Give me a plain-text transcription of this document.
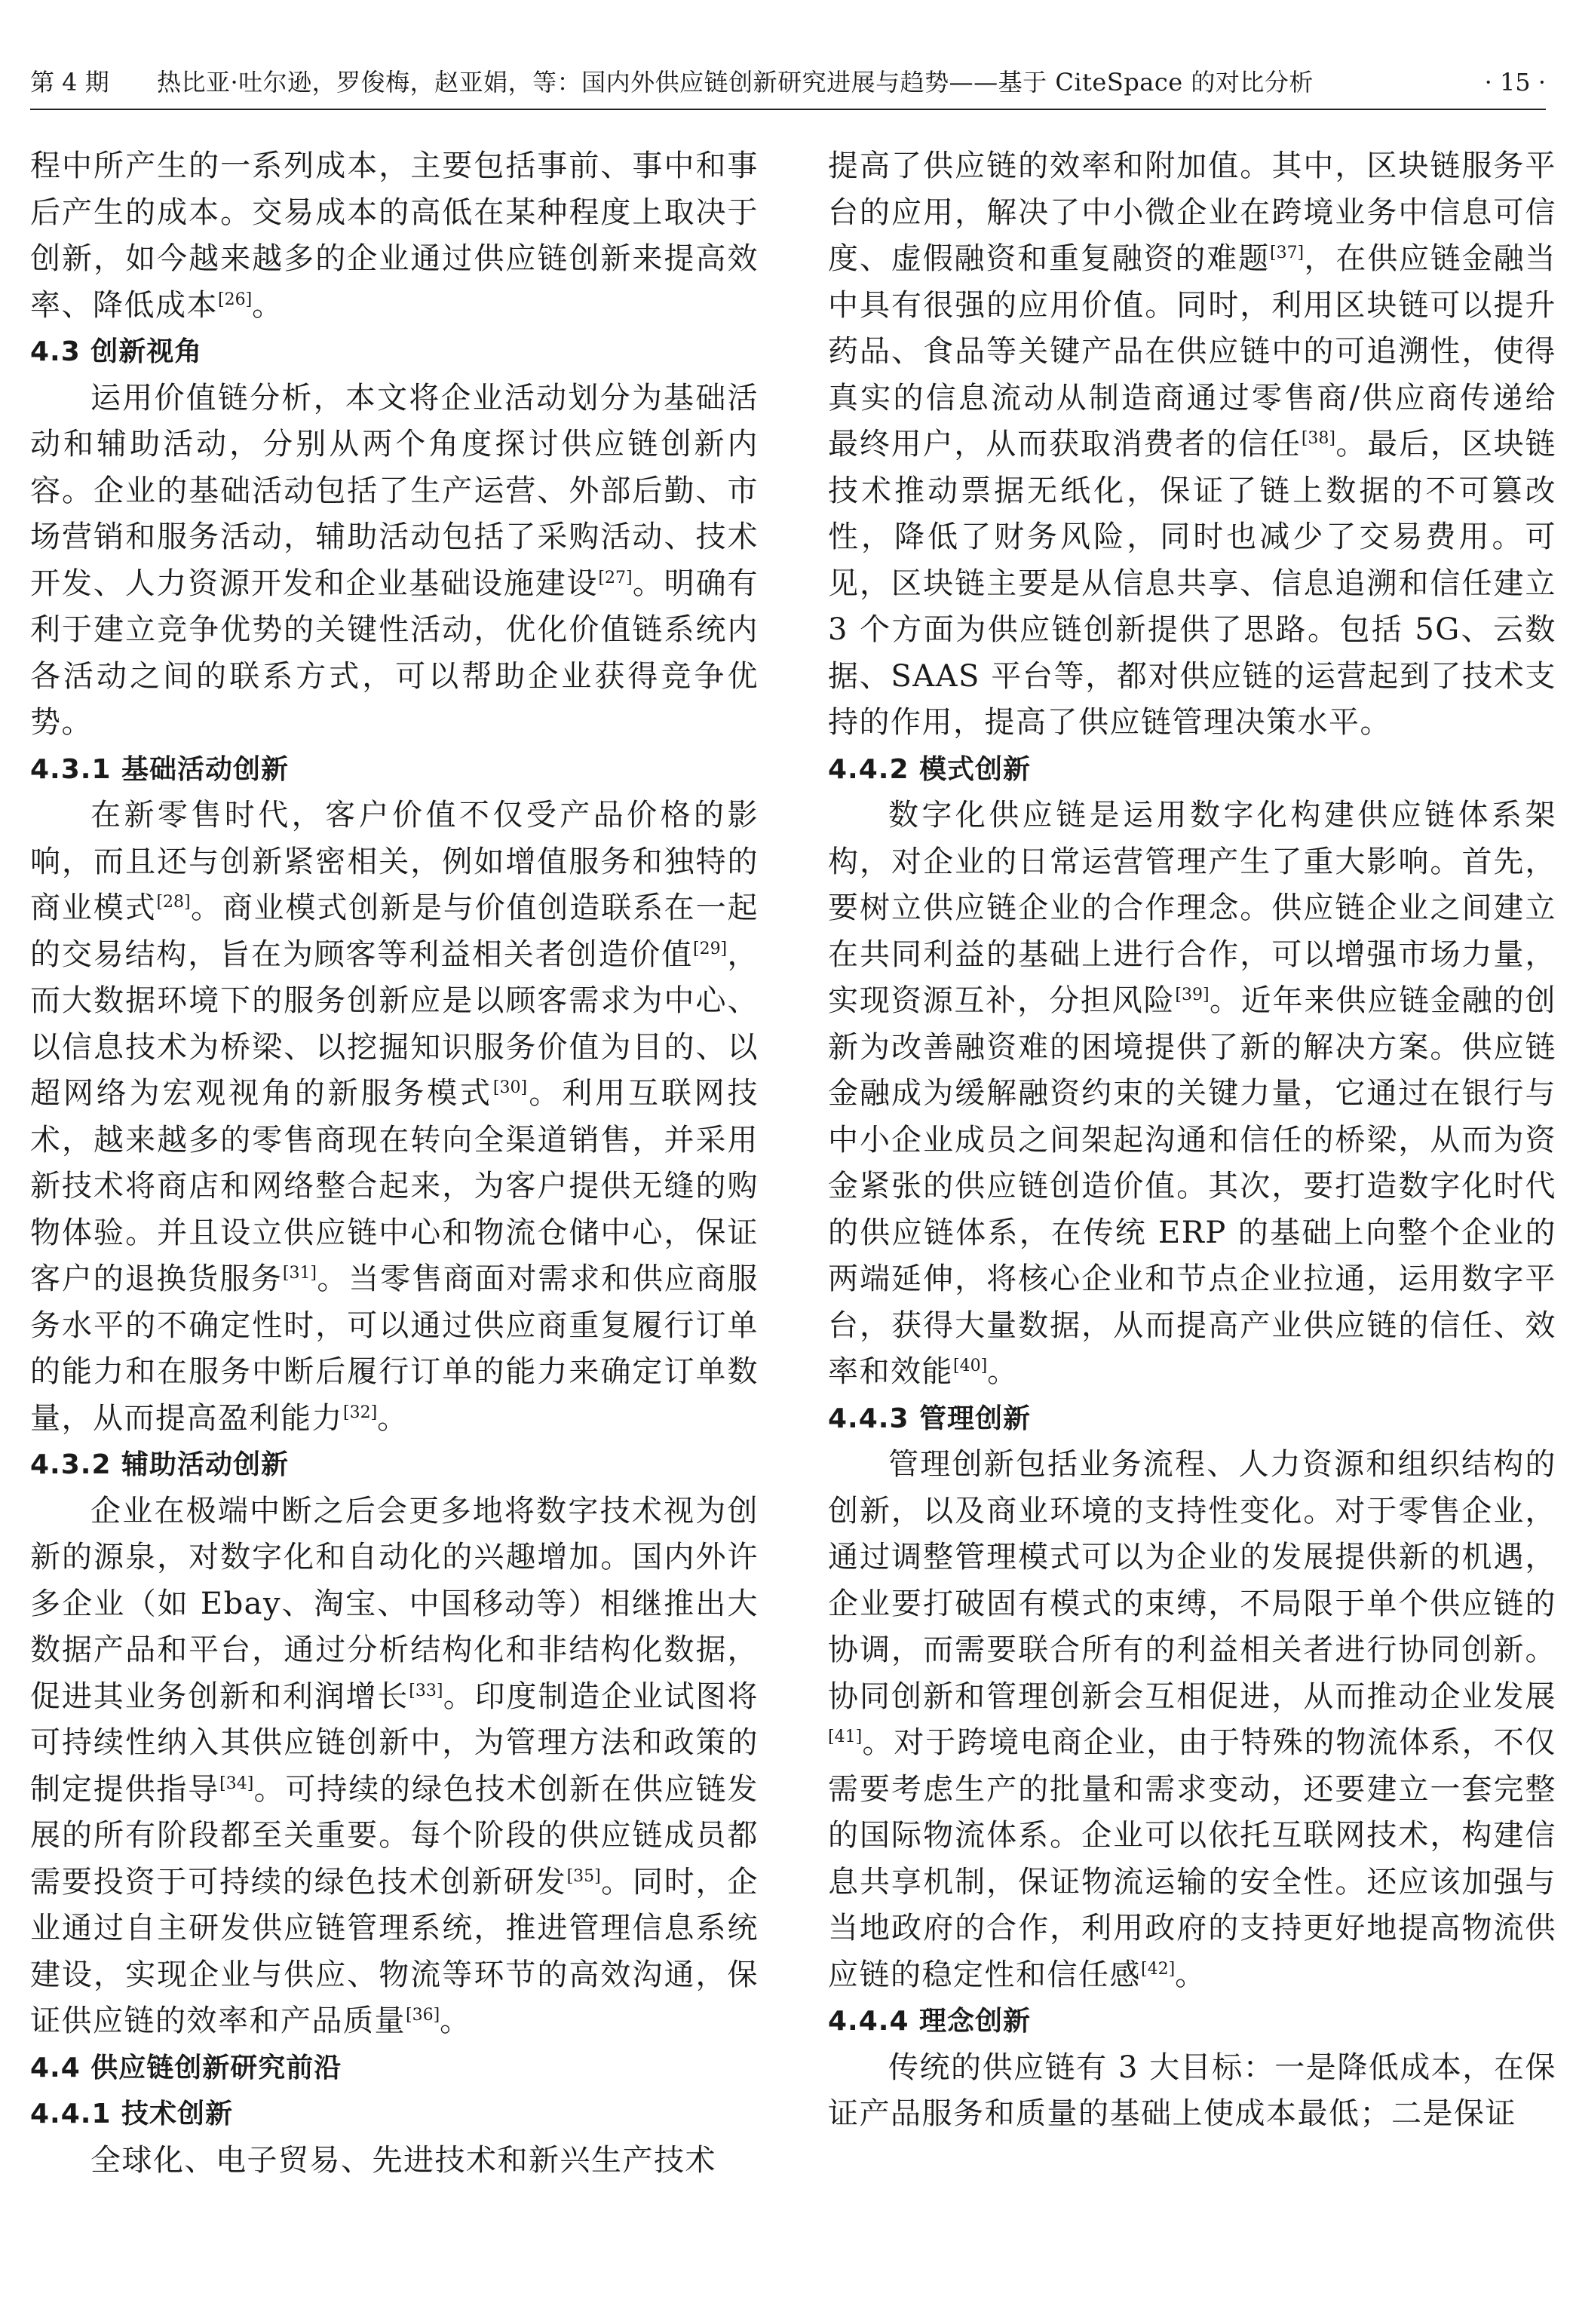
第 4 期 热比亚·吐尔逊，罗俊梅，赵亚娟，等：国内外供应链创新研究进展与趋势——基于 CiteSpace 的对比分析	· 15 ·

程中所产生的一系列成本，主要包括事前、事中和事后产生的成本。交易成本的高低在某种程度上取决于创新，如今越来越多的企业通过供应链创新来提高效率、降低成本[26]。

4.3 创新视角

运用价值链分析，本文将企业活动划分为基础活动和辅助活动，分别从两个角度探讨供应链创新内容。企业的基础活动包括了生产运营、外部后勤、市场营销和服务活动，辅助活动包括了采购活动、技术开发、人力资源开发和企业基础设施建设[27]。明确有利于建立竞争优势的关键性活动，优化价值链系统内各活动之间的联系方式，可以帮助企业获得竞争优势。

4.3.1 基础活动创新

在新零售时代，客户价值不仅受产品价格的影响，而且还与创新紧密相关，例如增值服务和独特的商业模式[28]。商业模式创新是与价值创造联系在一起的交易结构，旨在为顾客等利益相关者创造价值[29]，而大数据环境下的服务创新应是以顾客需求为中心、以信息技术为桥梁、以挖掘知识服务价值为目的、以超网络为宏观视角的新服务模式[30]。利用互联网技术，越来越多的零售商现在转向全渠道销售，并采用新技术将商店和网络整合起来，为客户提供无缝的购物体验。并且设立供应链中心和物流仓储中心，保证客户的退换货服务[31]。当零售商面对需求和供应商服务水平的不确定性时，可以通过供应商重复履行订单的能力和在服务中断后履行订单的能力来确定订单数量，从而提高盈利能力[32]。

4.3.2 辅助活动创新

企业在极端中断之后会更多地将数字技术视为创新的源泉，对数字化和自动化的兴趣增加。国内外许多企业（如 Ebay、淘宝、中国移动等）相继推出大数据产品和平台，通过分析结构化和非结构化数据，促进其业务创新和利润增长[33]。印度制造企业试图将可持续性纳入其供应链创新中，为管理方法和政策的制定提供指导[34]。可持续的绿色技术创新在供应链发展的所有阶段都至关重要。每个阶段的供应链成员都需要投资于可持续的绿色技术创新研发[35]。同时，企业通过自主研发供应链管理系统，推进管理信息系统建设，实现企业与供应、物流等环节的高效沟通，保证供应链的效率和产品质量[36]。

4.4 供应链创新研究前沿
4.4.1 技术创新

全球化、电子贸易、先进技术和新兴生产技术

提高了供应链的效率和附加值。其中，区块链服务平台的应用，解决了中小微企业在跨境业务中信息可信度、虚假融资和重复融资的难题[37]，在供应链金融当中具有很强的应用价值。同时，利用区块链可以提升药品、食品等关键产品在供应链中的可追溯性，使得真实的信息流动从制造商通过零售商/供应商传递给最终用户，从而获取消费者的信任[38]。最后，区块链技术推动票据无纸化，保证了链上数据的不可篡改性，降低了财务风险，同时也减少了交易费用。可见，区块链主要是从信息共享、信息追溯和信任建立 3 个方面为供应链创新提供了思路。包括 5G、云数据、SAAS 平台等，都对供应链的运营起到了技术支持的作用，提高了供应链管理决策水平。

4.4.2 模式创新

数字化供应链是运用数字化构建供应链体系架构，对企业的日常运营管理产生了重大影响。首先，要树立供应链企业的合作理念。供应链企业之间建立在共同利益的基础上进行合作，可以增强市场力量，实现资源互补，分担风险[39]。近年来供应链金融的创新为改善融资难的困境提供了新的解决方案。供应链金融成为缓解融资约束的关键力量，它通过在银行与中小企业成员之间架起沟通和信任的桥梁，从而为资金紧张的供应链创造价值。其次，要打造数字化时代的供应链体系，在传统 ERP 的基础上向整个企业的两端延伸，将核心企业和节点企业拉通，运用数字平台，获得大量数据，从而提高产业供应链的信任、效率和效能[40]。

4.4.3 管理创新

管理创新包括业务流程、人力资源和组织结构的创新，以及商业环境的支持性变化。对于零售企业，通过调整管理模式可以为企业的发展提供新的机遇，企业要打破固有模式的束缚，不局限于单个供应链的协调，而需要联合所有的利益相关者进行协同创新。协同创新和管理创新会互相促进，从而推动企业发展[41]。对于跨境电商企业，由于特殊的物流体系，不仅需要考虑生产的批量和需求变动，还要建立一套完整的国际物流体系。企业可以依托互联网技术，构建信息共享机制，保证物流运输的安全性。还应该加强与当地政府的合作，利用政府的支持更好地提高物流供应链的稳定性和信任感[42]。

4.4.4 理念创新

传统的供应链有 3 大目标：一是降低成本，在保证产品服务和质量的基础上使成本最低；二是保证
